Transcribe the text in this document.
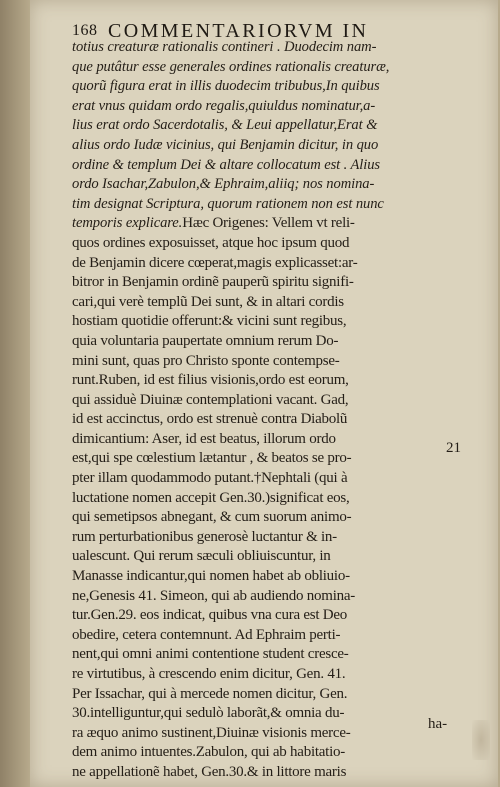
168 COMMENTARIORVM IN
totius creaturæ rationalis contineri . Duodecim nam-
que putâtur esse generales ordines rationalis creaturæ,
quorũ figura erat in illis duodecim tribubus,In quibus
erat vnus quidam ordo regalis,quiuldus nominatur,a-
lius erat ordo Sacerdotalis, & Leui appellatur,Erat &
alius ordo Iudæ vicinius, qui Benjamin dicitur, in quo
ordine & templum Dei & altare collocatum est . Alius
ordo Isachar,Zabulon,& Ephraim,aliiq; nos nomina-
tim designat Scriptura, quorum rationem non est nunc
temporis explicare.Hæc Origenes: Vellem vt reli-
quos ordines exposuisset, atque hoc ipsum quod
de Benjamin dicere cœperat,magis explicasset:ar-
bitror in Benjamin ordinẽ pauperũ spiritu signifi-
cari,qui verè templũ Dei sunt, & in altari cordis
hostiam quotidie offerunt:& vicini sunt regibus,
quia voluntaria paupertate omnium rerum Do-
mini sunt, quas pro Christo sponte contempse-
runt.Ruben, id est filius visionis,ordo est eorum,
qui assiduè Diuinæ contemplationi vacant. Gad,
id est accinctus, ordo est strenuè contra Diabolũ
dimicantium: Aser, id est beatus, illorum ordo
est,qui spe cœlestium lætantur , & beatos se pro-
pter illam quodammodo putant.†Nephtali (qui à
luctatione nomen accepit Gen.30.)significat eos,
qui semetipsos abnegant, & cum suorum animo-
rum perturbationibus generosè luctantur & in-
ualescunt. Qui rerum sæculi obliuiscuntur, in
Manasse indicantur,qui nomen habet ab obliuio-
ne,Genesis 41. Simeon, qui ab audiendo nomina-
tur.Gen.29. eos indicat, quibus vna cura est Deo
obedire, cetera contemnunt. Ad Ephraim perti-
nent,qui omni animi contentione student cresce-
re virtutibus, à crescendo enim dicitur, Gen. 41.
Per Issachar, qui à mercede nomen dicitur, Gen.
30.intelliguntur,qui sedulò laborãt,& omnia du-
ra æquo animo sustinent,Diuinæ visionis merce-
dem animo intuentes.Zabulon, qui ab habitatio-
ne appellationẽ habet, Gen.30.& in littore maris
21
ha-
